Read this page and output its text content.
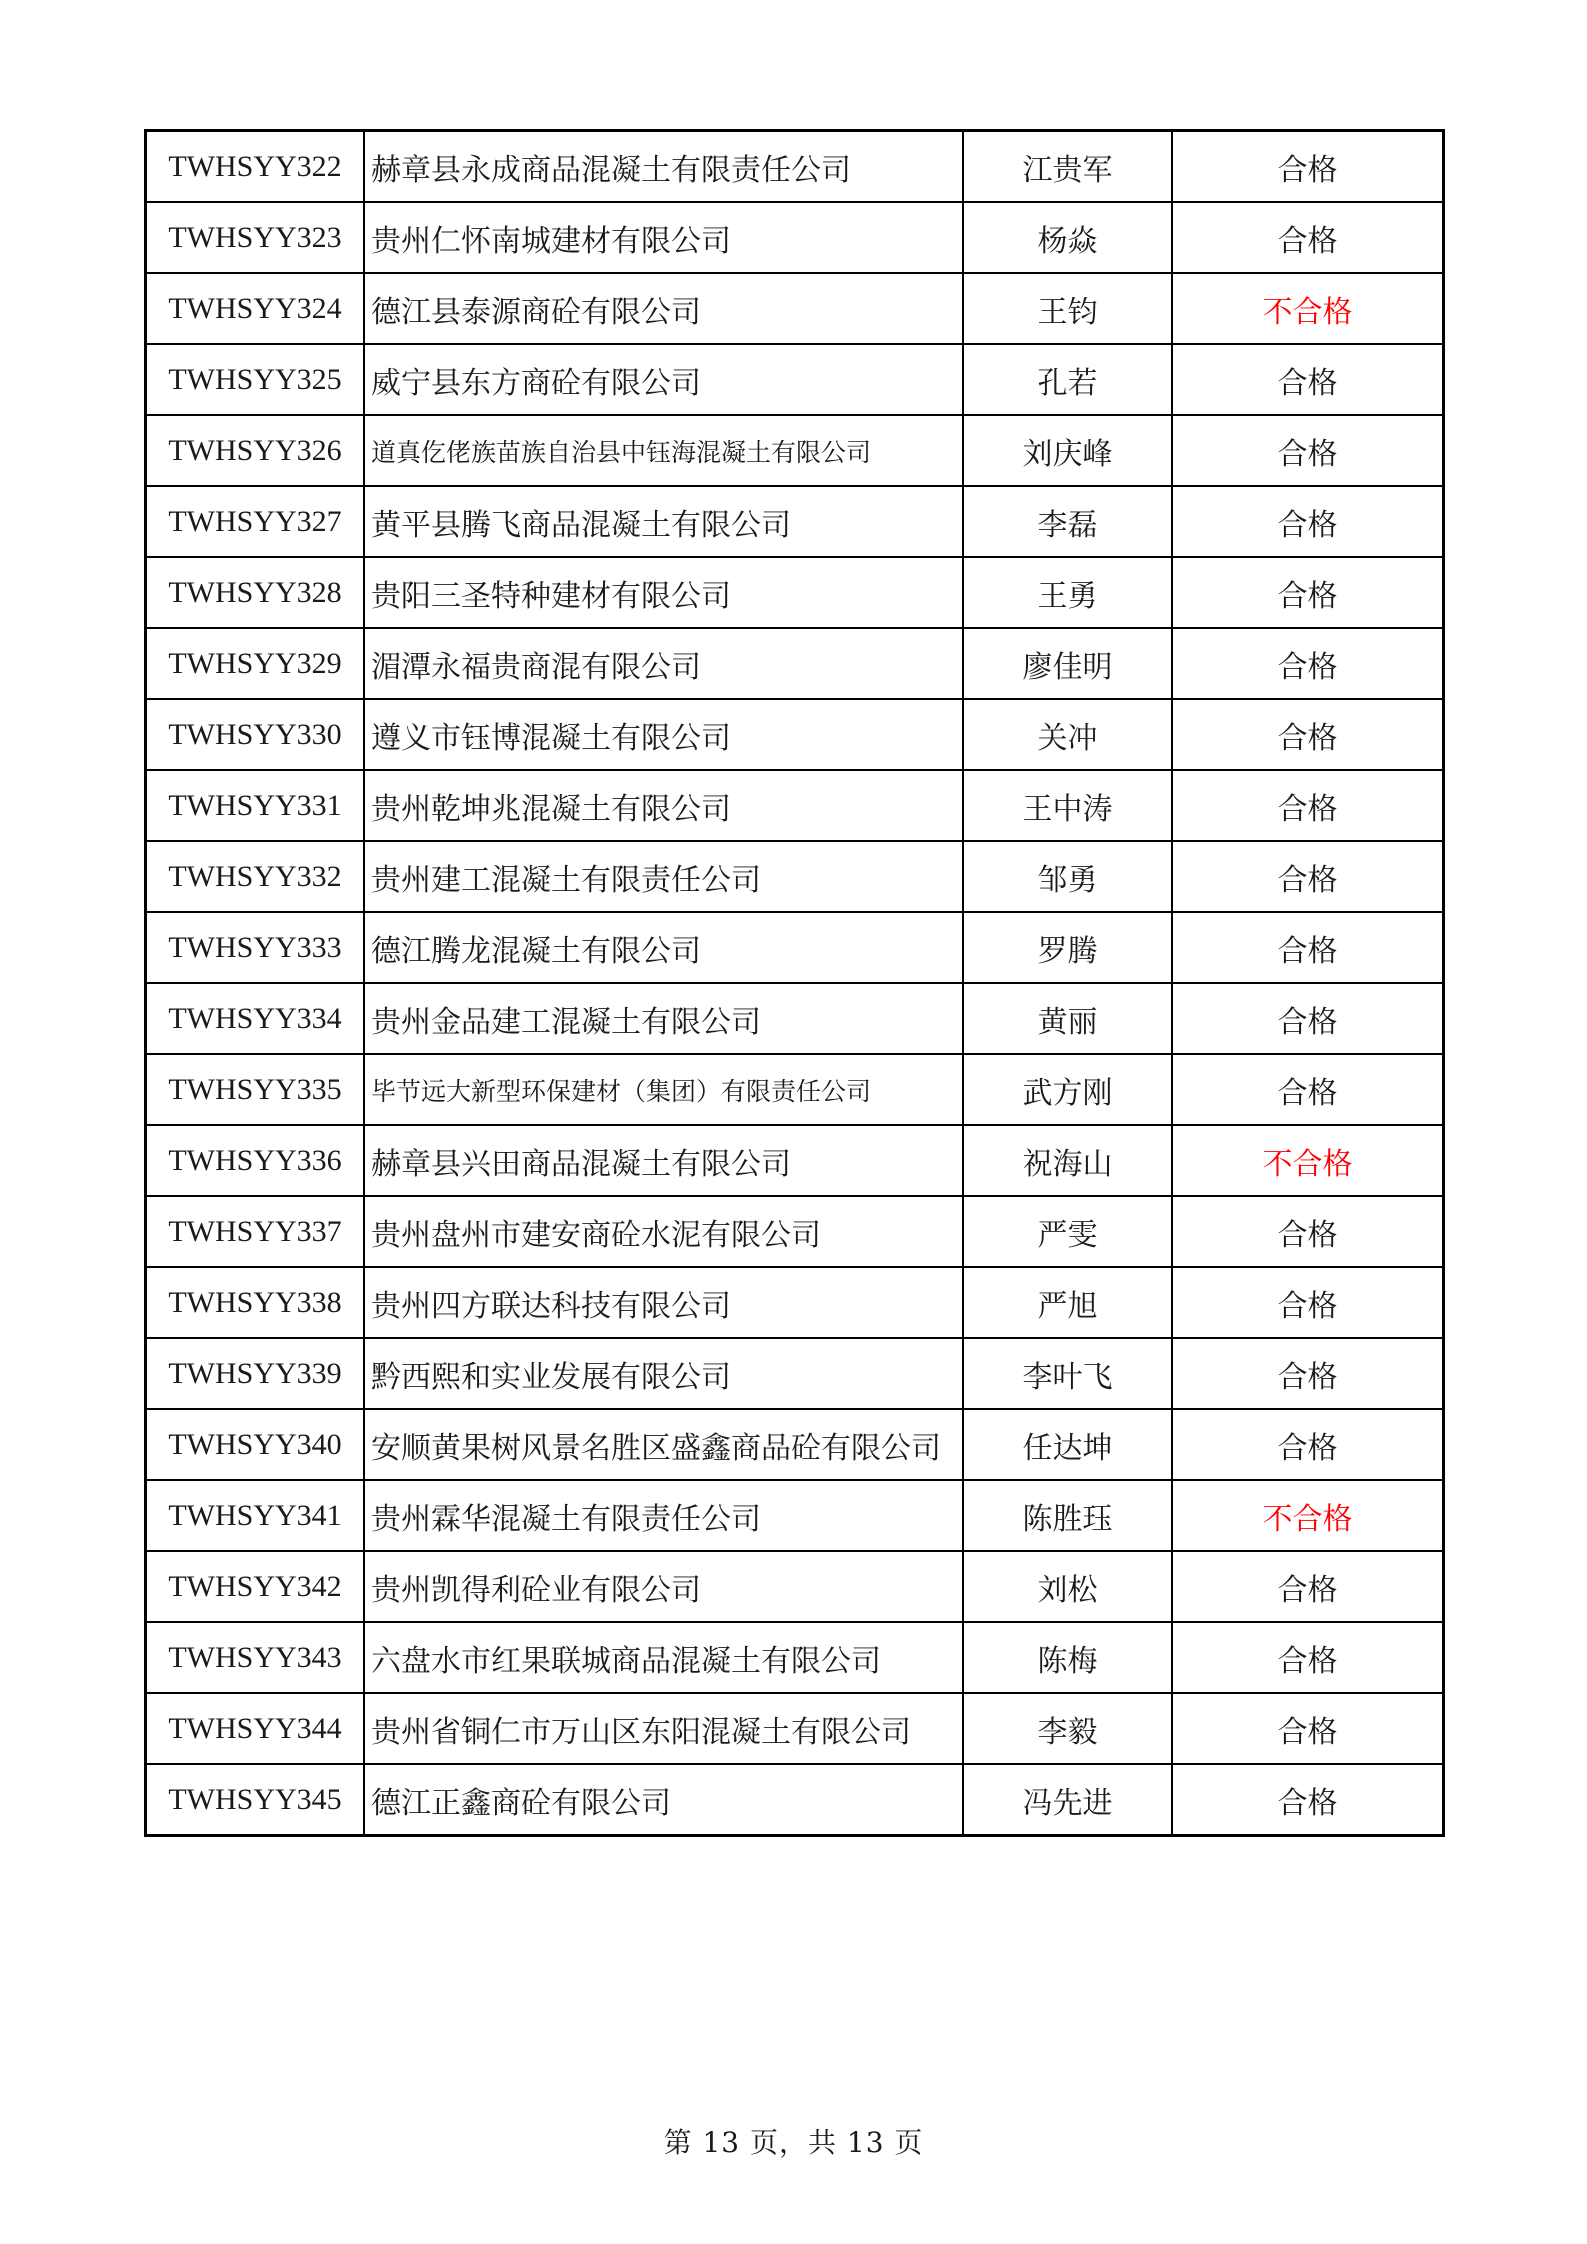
TWHSYY322	赫章县永成商品混凝土有限责任公司	江贵军	合格
TWHSYY323	贵州仁怀南城建材有限公司	杨焱	合格
TWHSYY324	德江县泰源商砼有限公司	王钧	不合格
TWHSYY325	威宁县东方商砼有限公司	孔若	合格
TWHSYY326	道真仡佬族苗族自治县中钰海混凝土有限公司	刘庆峰	合格
TWHSYY327	黄平县腾飞商品混凝土有限公司	李磊	合格
TWHSYY328	贵阳三圣特种建材有限公司	王勇	合格
TWHSYY329	湄潭永福贵商混有限公司	廖佳明	合格
TWHSYY330	遵义市钰博混凝土有限公司	关冲	合格
TWHSYY331	贵州乾坤兆混凝土有限公司	王中涛	合格
TWHSYY332	贵州建工混凝土有限责任公司	邹勇	合格
TWHSYY333	德江腾龙混凝土有限公司	罗腾	合格
TWHSYY334	贵州金品建工混凝土有限公司	黄丽	合格
TWHSYY335	毕节远大新型环保建材（集团）有限责任公司	武方刚	合格
TWHSYY336	赫章县兴田商品混凝土有限公司	祝海山	不合格
TWHSYY337	贵州盘州市建安商砼水泥有限公司	严雯	合格
TWHSYY338	贵州四方联达科技有限公司	严旭	合格
TWHSYY339	黔西熙和实业发展有限公司	李叶飞	合格
TWHSYY340	安顺黄果树风景名胜区盛鑫商品砼有限公司	任达坤	合格
TWHSYY341	贵州霖华混凝土有限责任公司	陈胜珏	不合格
TWHSYY342	贵州凯得利砼业有限公司	刘松	合格
TWHSYY343	六盘水市红果联城商品混凝土有限公司	陈梅	合格
TWHSYY344	贵州省铜仁市万山区东阳混凝土有限公司	李毅	合格
TWHSYY345	德江正鑫商砼有限公司	冯先进	合格
第 13 页，共 13 页
